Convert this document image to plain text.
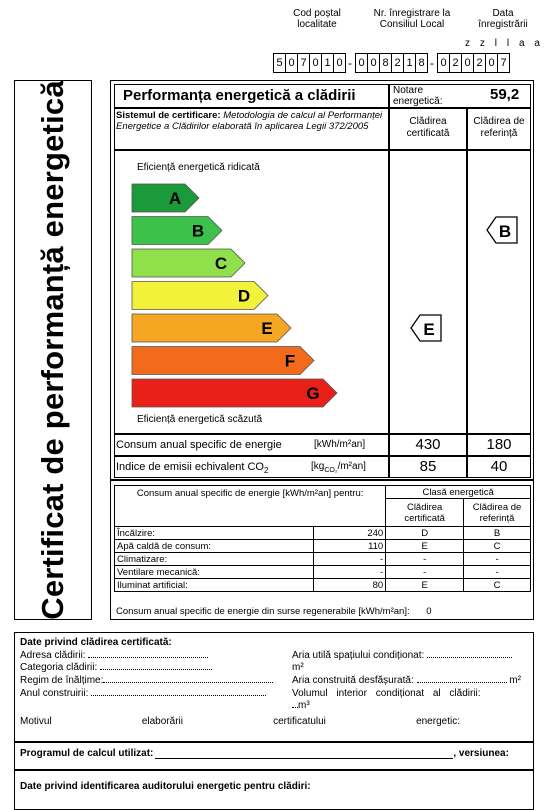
Cod poștal localitate
Nr. înregistrare la Consiliul Local
Data înregistrării
z z l l a a
5 0 7 0 1 0 - 0 0 8 2 1 8 - 0 2 0 2 0 7
Certificat de performanță energetică	Performanța energetică a clădirii	Notare energetică:	59,2
Sistemul de certificare: Metodologia de calcul al Performanței Energetice a Clădirilor elaborată în aplicarea Legii 372/2005	Clădirea certificată
Clădirea de referință
Eficiență energetică ridicată
Eficiență energetică scăzută
A
B
C
D
E
F
G
E
B
Consum anual specific de energie	[kWh/m²an]	430	180
Indice de emisii echivalent $CO_2$	$[kg_{CO_2}/m^2an]$	85	40
Consum anual specific de energie [kWh/m²an] pentru:		Clasă energetică	
		Clădirea certificată	Clădirea de referință
Încălzire:	240	D	B
Apă caldă de consum:	110	E	C
Climatizare:	-	-	-
Ventilare mecanică:	-	-	-
Iluminat artificial:	80	E	C
Consum anual specific de energie din surse regenerabile [kWh/m²an]: 0
Date privind clădirea certificată:
Adresa clădirii:
Categoria clădirii:
Regim de înălțime:
Anul construirii:
Aria utilă spațiului condiționat:
m²
Aria construită desfășurată:	m²
Volumul interior condiționat al clădirii:
m³
Motivul	elaborării	certificatului	energetic:
Programul de calcul utilizat:	, versiunea:
Date privind identificarea auditorului energetic pentru clădiri:
